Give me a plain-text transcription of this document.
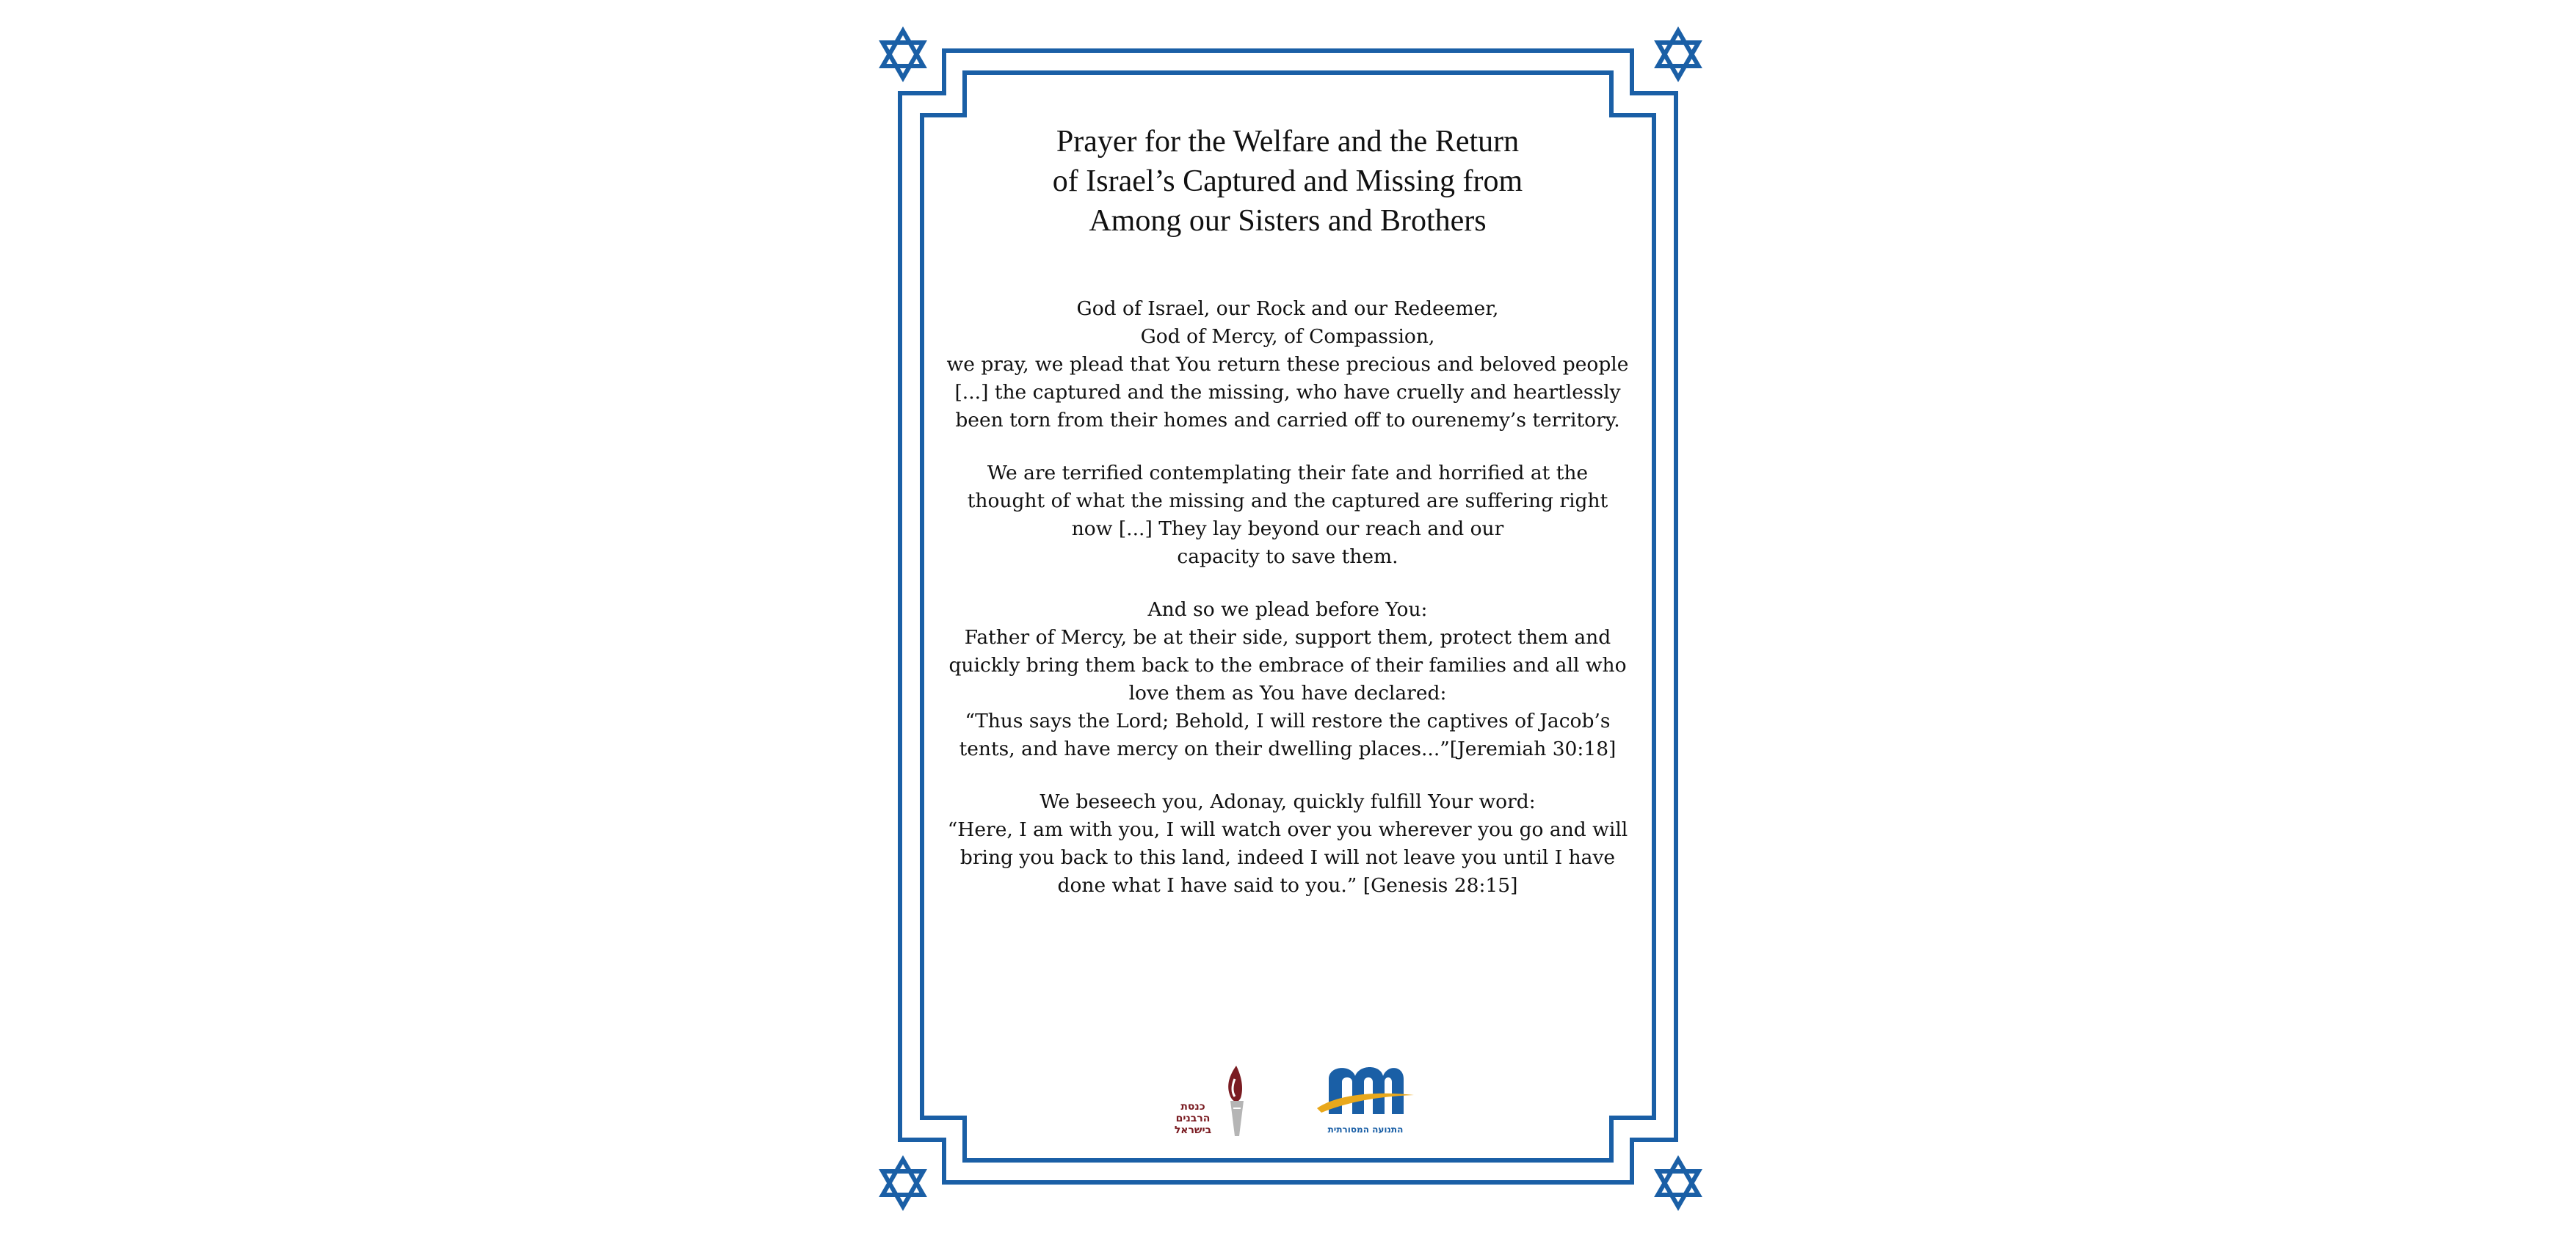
Prayer for the Welfare and the Return
of Israel’s Captured and Missing from
Among our Sisters and Brothers

God of Israel, our Rock and our Redeemer,
God of Mercy, of Compassion,
we pray, we plead that You return these precious and beloved people
[...] the captured and the missing, who have cruelly and heartlessly
been torn from their homes and carried off to ourenemy’s territory.

We are terrified contemplating their fate and horrified at the
thought of what the missing and the captured are suffering right
now [...] They lay beyond our reach and our
capacity to save them.

And so we plead before You:
Father of Mercy, be at their side, support them, protect them and
quickly bring them back to the embrace of their families and all who
love them as You have declared:
“Thus says the Lord; Behold, I will restore the captives of Jacob’s
tents, and have mercy on their dwelling places...”[Jeremiah 30:18]

We beseech you, Adonay, quickly fulfill Your word:
“Here, I am with you, I will watch over you wherever you go and will
bring you back to this land, indeed I will not leave you until I have
done what I have said to you.” [Genesis 28:15]

כנסת
הרבנים
בישראל	התנועה המסורתית
